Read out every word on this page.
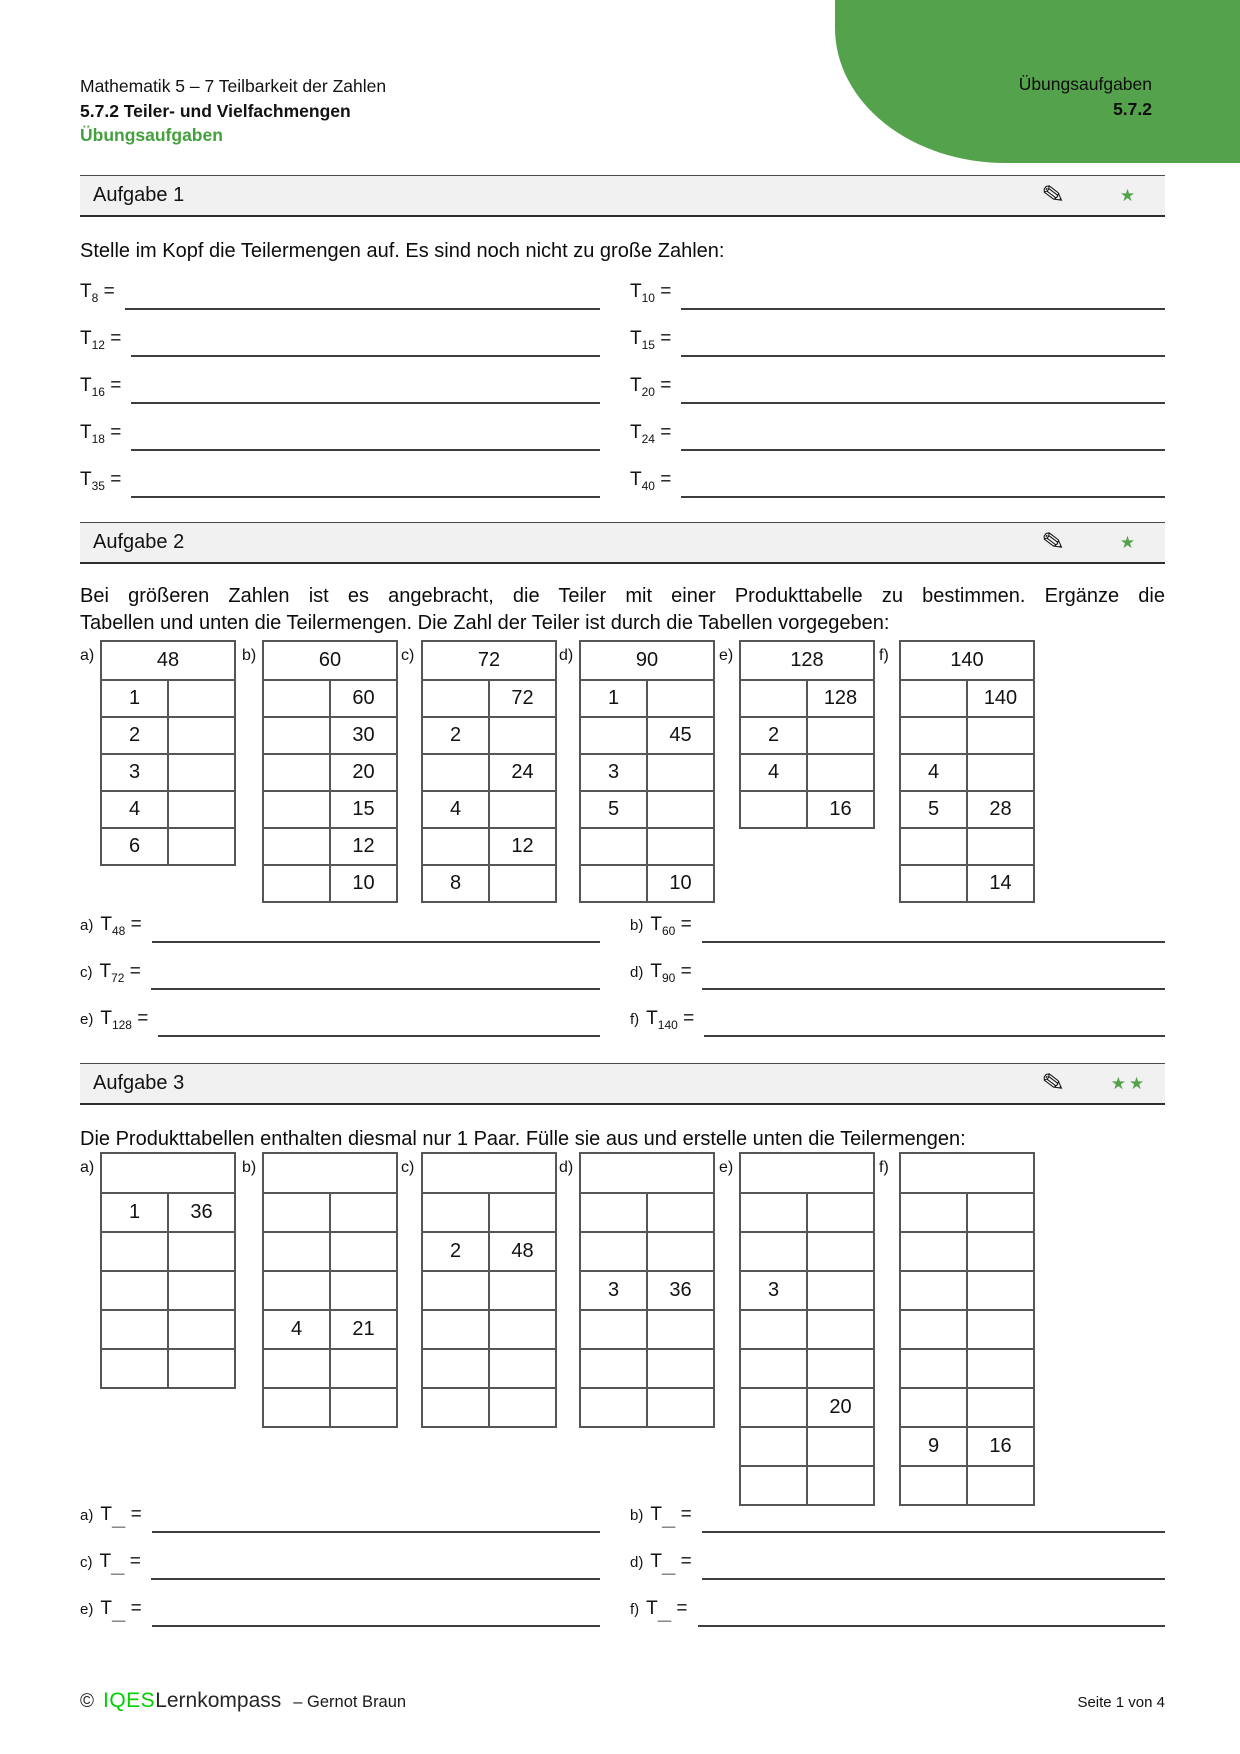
Übungsaufgaben
5.7.2
Mathematik 5 – 7 Teilbarkeit der Zahlen
5.7.2 Teiler- und Vielfachmengen
Übungsaufgaben
Aufgabe 1	✎	★
Stelle im Kopf die Teilermengen auf. Es sind noch nicht zu große Zahlen:
$T_8$ =	$T_{10}$ =
$T_{12}$ =	$T_{15}$ =
$T_{16}$ =	$T_{20}$ =
$T_{18}$ =	$T_{24}$ =
$T_{35}$ =	$T_{40}$ =
Aufgabe 2	✎	★
Bei größeren Zahlen ist es angebracht, die Teiler mit einer Produkttabelle zu bestimmen. Ergänze die
Tabellen und unten die Teilermengen. Die Zahl der Teiler ist durch die Tabellen vorgegeben:
a)	48	
1	
2	
3	
4	
6	
b)	60	
	60
	30
	20
	15
	12
	10
c)	72	
	72
2	
	24
4	
	12
8	
d)	90	
1	
	45
3	
5	

	10
e)	128	
	128
2	
4	
	16
f)	140	
	140

4	
5	28

	14
a) $T_{48}$ =	b) $T_{60}$ =
c) $T_{72}$ =	d) $T_{90}$ =
e) $T_{128}$ =	f) $T_{140}$ =
Aufgabe 3	✎	★★
Die Produkttabellen enthalten diesmal nur 1 Paar. Fülle sie aus und erstelle unten die Teilermengen:
a)

1	36

b)

4	21

c)

2	48

d)

3	36

e)

3	

	20

f)

9	16

a) $T_{\_\_}$ =	b) $T_{\_\_}$ =
c) $T_{\_\_}$ =	d) $T_{\_\_}$ =
e) $T_{\_\_}$ =	f) $T_{\_\_}$ =
© IQES Lernkompass – Gernot Braun	Seite 1 von 4
